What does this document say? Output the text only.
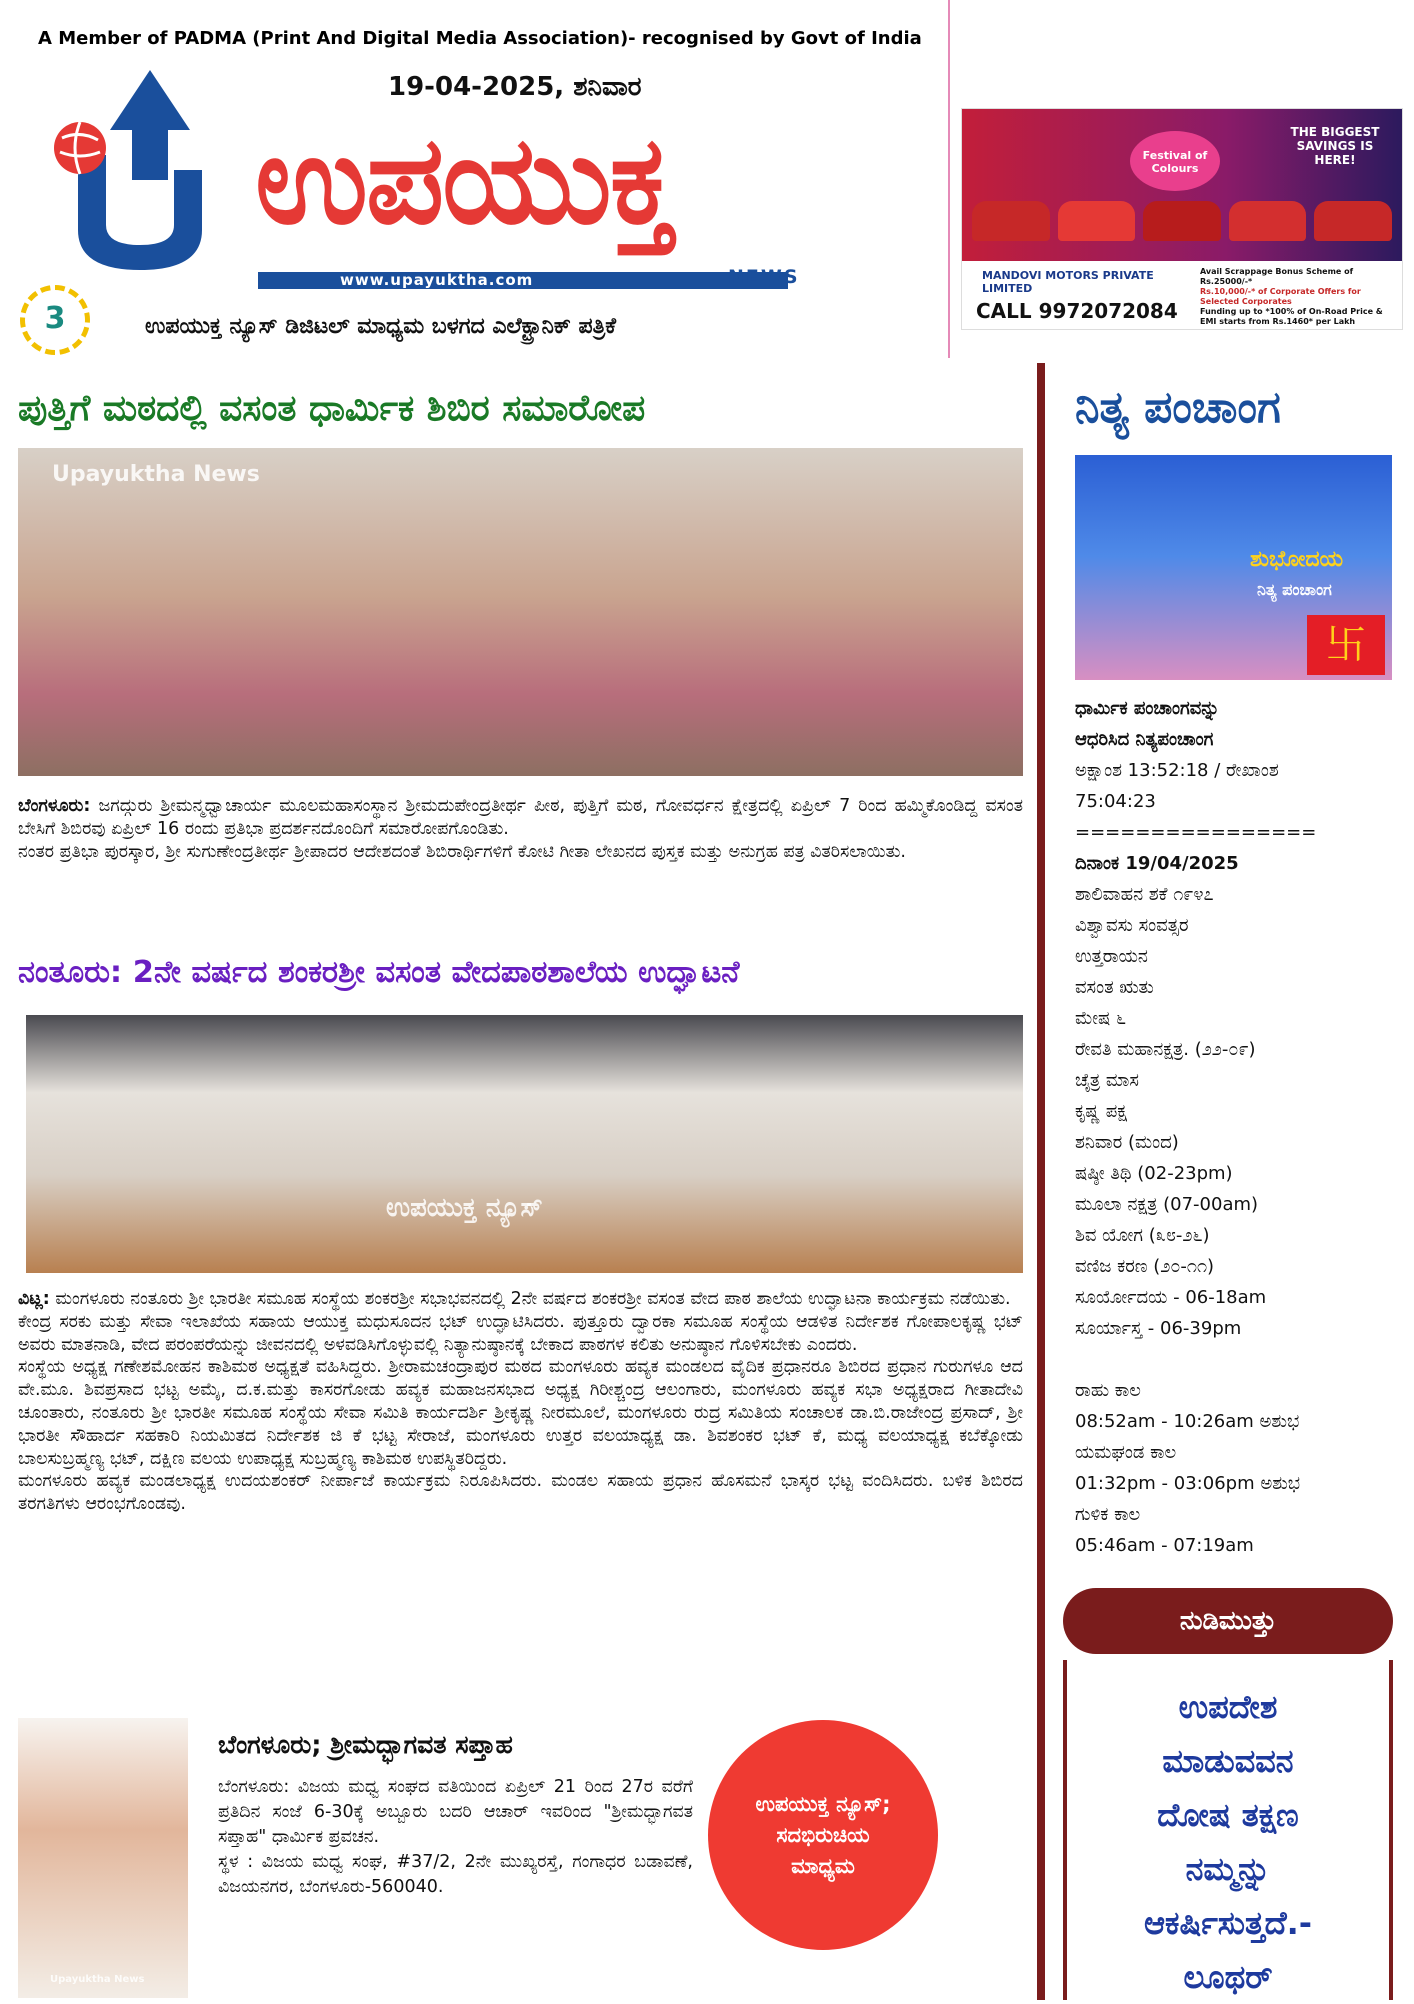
A Member of PADMA (Print And Digital Media Association)- recognised by Govt of India
19-04-2025, ಶನಿವಾರ
ಉಪಯುಕ್ತ
www.upayuktha.com	NEWS
3	ಉಪಯುಕ್ತ ನ್ಯೂಸ್ ಡಿಜಿಟಲ್ ಮಾಧ್ಯಮ ಬಳಗದ ಎಲೆಕ್ಟ್ರಾನಿಕ್ ಪತ್ರಿಕೆ
Festival of Colours
THE BIGGEST SAVINGS IS HERE!
MANDOVI MOTORS PRIVATE LIMITED
CALL 9972072084
Avail Scrappage Bonus Scheme of Rs.25000/-*
Rs.10,000/-* of Corporate Offers for Selected Corporates
Funding up to *100% of On-Road Price & EMI starts from Rs.1460* per Lakh
ಪುತ್ತಿಗೆ ಮಠದಲ್ಲಿ ವಸಂತ ಧಾರ್ಮಿಕ ಶಿಬಿರ ಸಮಾರೋಪ
Upayuktha News

ಬೆಂಗಳೂರು: ಜಗದ್ಗುರು ಶ್ರೀಮನ್ಮಧ್ವಾಚಾರ್ಯ ಮೂಲಮಹಾಸಂಸ್ಥಾನ ಶ್ರೀಮದುಪೇಂದ್ರತೀರ್ಥ ಪೀಠ, ಪುತ್ತಿಗೆ ಮಠ, ಗೋವರ್ಧನ ಕ್ಷೇತ್ರದಲ್ಲಿ ಏಪ್ರಿಲ್ 7 ರಿಂದ ಹಮ್ಮಿಕೊಂಡಿದ್ದ ವಸಂತ ಬೇಸಿಗೆ ಶಿಬಿರವು ಏಪ್ರಿಲ್ 16 ರಂದು ಪ್ರತಿಭಾ ಪ್ರದರ್ಶನದೊಂದಿಗೆ ಸಮಾರೋಪಗೊಂಡಿತು.

ನಂತರ ಪ್ರತಿಭಾ ಪುರಸ್ಕಾರ, ಶ್ರೀ ಸುಗುಣೇಂದ್ರತೀರ್ಥ ಶ್ರೀಪಾದರ ಆದೇಶದಂತೆ ಶಿಬಿರಾರ್ಥಿಗಳಿಗೆ ಕೋಟಿ ಗೀತಾ ಲೇಖನದ ಪುಸ್ತಕ ಮತ್ತು ಅನುಗ್ರಹ ಪತ್ರ ವಿತರಿಸಲಾಯಿತು.

ನಂತೂರು: 2ನೇ ವರ್ಷದ ಶಂಕರಶ್ರೀ ವಸಂತ ವೇದಪಾಠಶಾಲೆಯ ಉದ್ಘಾಟನೆ
ಉಪಯುಕ್ತ ನ್ಯೂಸ್

ವಿಟ್ಲ: ಮಂಗಳೂರು ನಂತೂರು ಶ್ರೀ ಭಾರತೀ ಸಮೂಹ ಸಂಸ್ಥೆಯ ಶಂಕರಶ್ರೀ ಸಭಾಭವನದಲ್ಲಿ 2ನೇ ವರ್ಷದ ಶಂಕರಶ್ರೀ ವಸಂತ ವೇದ ಪಾಠ ಶಾಲೆಯ ಉದ್ಘಾಟನಾ ಕಾರ್ಯಕ್ರಮ ನಡೆಯಿತು.

ಕೇಂದ್ರ ಸರಕು ಮತ್ತು ಸೇವಾ ಇಲಾಖೆಯ ಸಹಾಯ ಆಯುಕ್ತ ಮಧುಸೂದನ ಭಟ್ ಉದ್ಘಾಟಿಸಿದರು. ಪುತ್ತೂರು ದ್ವಾರಕಾ ಸಮೂಹ ಸಂಸ್ಥೆಯ ಆಡಳಿತ ನಿರ್ದೇಶಕ ಗೋಪಾಲಕೃಷ್ಣ ಭಟ್ ಅವರು ಮಾತನಾಡಿ, ವೇದ ಪರಂಪರೆಯನ್ನು ಜೀವನದಲ್ಲಿ ಅಳವಡಿಸಿಗೊಳ್ಳುವಲ್ಲಿ ನಿತ್ಯಾನುಷ್ಠಾನಕ್ಕೆ ಬೇಕಾದ ಪಾಠಗಳ ಕಲಿತು ಅನುಷ್ಠಾನ ಗೊಳಿಸಬೇಕು ಎಂದರು.

ಸಂಸ್ಥೆಯ ಅಧ್ಯಕ್ಷ ಗಣೇಶಮೋಹನ ಕಾಶಿಮಠ ಅಧ್ಯಕ್ಷತೆ ವಹಿಸಿದ್ದರು. ಶ್ರೀರಾಮಚಂದ್ರಾಪುರ ಮಠದ ಮಂಗಳೂರು ಹವ್ಯಕ ಮಂಡಲದ ವೈದಿಕ ಪ್ರಧಾನರೂ ಶಿಬಿರದ ಪ್ರಧಾನ ಗುರುಗಳೂ ಆದ ವೇ.ಮೂ. ಶಿವಪ್ರಸಾದ ಭಟ್ಟ ಅಮೈ, ದ.ಕ.ಮತ್ತು ಕಾಸರಗೋಡು ಹವ್ಯಕ ಮಹಾಜನಸಭಾದ ಅಧ್ಯಕ್ಷ ಗಿರೀಶ್ಚಂದ್ರ ಆಲಂಗಾರು, ಮಂಗಳೂರು ಹವ್ಯಕ ಸಭಾ ಅಧ್ಯಕ್ಷರಾದ ಗೀತಾದೇವಿ ಚೂಂತಾರು, ನಂತೂರು ಶ್ರೀ ಭಾರತೀ ಸಮೂಹ ಸಂಸ್ಥೆಯ ಸೇವಾ ಸಮಿತಿ ಕಾರ್ಯದರ್ಶಿ ಶ್ರೀಕೃಷ್ಣ ನೀರಮೂಲೆ, ಮಂಗಳೂರು ರುದ್ರ ಸಮಿತಿಯ ಸಂಚಾಲಕ ಡಾ.ಬಿ.ರಾಜೇಂದ್ರ ಪ್ರಸಾದ್, ಶ್ರೀ ಭಾರತೀ ಸೌಹಾರ್ದ ಸಹಕಾರಿ ನಿಯಮಿತದ ನಿರ್ದೇಶಕ ಜಿ ಕೆ ಭಟ್ಟ ಸೇರಾಜೆ, ಮಂಗಳೂರು ಉತ್ತರ ವಲಯಾಧ್ಯಕ್ಷ ಡಾ. ಶಿವಶಂಕರ ಭಟ್ ಕೆ, ಮಧ್ಯ ವಲಯಾಧ್ಯಕ್ಷ ಕಬೆಕ್ಕೋಡು ಬಾಲಸುಬ್ರಹ್ಮಣ್ಯ ಭಟ್, ದಕ್ಷಿಣ ವಲಯ ಉಪಾಧ್ಯಕ್ಷ ಸುಬ್ರಹ್ಮಣ್ಯ ಕಾಶಿಮಠ ಉಪಸ್ಥಿತರಿದ್ದರು.

ಮಂಗಳೂರು ಹವ್ಯಕ ಮಂಡಲಾಧ್ಯಕ್ಷ ಉದಯಶಂಕರ್ ನೀರ್ಪಾಜೆ ಕಾರ್ಯಕ್ರಮ ನಿರೂಪಿಸಿದರು. ಮಂಡಲ ಸಹಾಯ ಪ್ರಧಾನ ಹೊಸಮನೆ ಭಾಸ್ಕರ ಭಟ್ಟ ವಂದಿಸಿದರು. ಬಳಿಕ ಶಿಬಿರದ ತರಗತಿಗಳು ಆರಂಭಗೊಂಡವು.

Upayuktha News
ಬೆಂಗಳೂರು; ಶ್ರೀಮದ್ಭಾಗವತ ಸಪ್ತಾಹ

ಬೆಂಗಳೂರು: ವಿಜಯ ಮಧ್ವ ಸಂಘದ ವತಿಯಿಂದ ಏಪ್ರಿಲ್ 21 ರಿಂದ 27ರ ವರೆಗೆ ಪ್ರತಿದಿನ ಸಂಜೆ 6-30ಕ್ಕೆ ಅಬ್ಬೂರು ಬದರಿ ಆಚಾರ್ ಇವರಿಂದ "ಶ್ರೀಮದ್ಭಾಗವತ ಸಪ್ತಾಹ" ಧಾರ್ಮಿಕ ಪ್ರವಚನ.

ಸ್ಥಳ : ವಿಜಯ ಮಧ್ವ ಸಂಘ, #37/2, 2ನೇ ಮುಖ್ಯರಸ್ತೆ, ಗಂಗಾಧರ ಬಡಾವಣೆ, ವಿಜಯನಗರ, ಬೆಂಗಳೂರು-560040.

ಉಪಯುಕ್ತ ನ್ಯೂಸ್; ಸದಭಿರುಚಿಯ ಮಾಧ್ಯಮ
ನಿತ್ಯ ಪಂಚಾಂಗ
ಶುಭೋದಯ
ನಿತ್ಯ ಪಂಚಾಂಗ
卐
ಧಾರ್ಮಿಕ ಪಂಚಾಂಗವನ್ನು
ಆಧರಿಸಿದ ನಿತ್ಯಪಂಚಾಂಗ
ಅಕ್ಷಾಂಶ 13:52:18 / ರೇಖಾಂಶ
75:04:23
================
ದಿನಾಂಕ 19/04/2025
ಶಾಲಿವಾಹನ ಶಕೆ ೧೯೪೭
ವಿಶ್ವಾವಸು ಸಂವತ್ಸರ
ಉತ್ತರಾಯನ
ವಸಂತ ಋತು
ಮೇಷ ೬
ರೇವತಿ ಮಹಾನಕ್ಷತ್ರ. (೨೨-೦೯)
ಚೈತ್ರ ಮಾಸ
ಕೃಷ್ಣ ಪಕ್ಷ
ಶನಿವಾರ (ಮಂದ)
ಷಷ್ಠೀ ತಿಥಿ (02-23pm)
ಮೂಲಾ ನಕ್ಷತ್ರ (07-00am)
ಶಿವ ಯೋಗ (೩೮-೨೬)
ವಣಿಜ ಕರಣ (೨೦-೧೧)
ಸೂರ್ಯೋದಯ - 06-18am
ಸೂರ್ಯಾಸ್ತ - 06-39pm
ರಾಹು ಕಾಲ
08:52am - 10:26am ಅಶುಭ
ಯಮಘಂಡ ಕಾಲ
01:32pm - 03:06pm ಅಶುಭ
ಗುಳಿಕ ಕಾಲ
05:46am - 07:19am
ನುಡಿಮುತ್ತು
ಉಪದೇಶ
ಮಾಡುವವನ
ದೋಷ ತಕ್ಷಣ
ನಮ್ಮನ್ನು
ಆಕರ್ಷಿಸುತ್ತದೆ.-
ಲೂಥರ್
